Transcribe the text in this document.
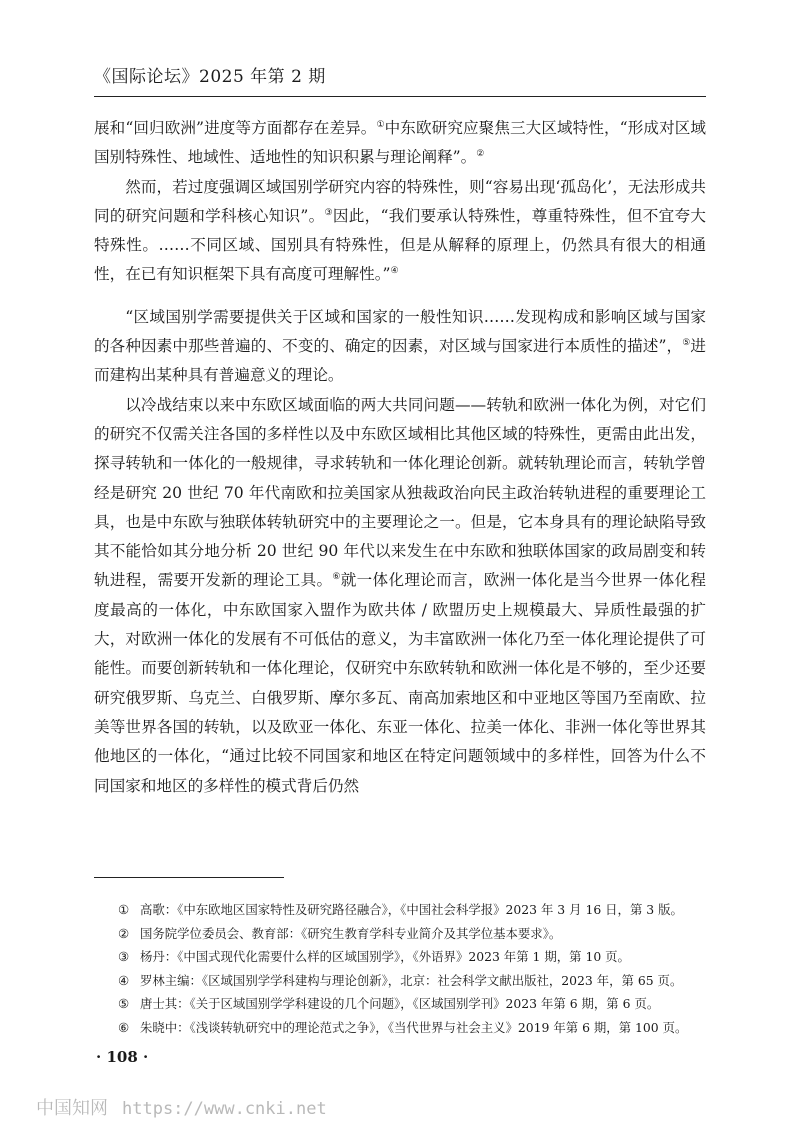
《国际论坛》2025 年第 2 期

展和“回归欧洲”进度等方面都存在差异。①中东欧研究应聚焦三大区域特性，“形成对区域国别特殊性、地域性、适地性的知识积累与理论阐释”。②

然而，若过度强调区域国别学研究内容的特殊性，则“容易出现‘孤岛化’，无法形成共同的研究问题和学科核心知识”。③因此，“我们要承认特殊性，尊重特殊性，但不宜夸大特殊性。……不同区域、国别具有特殊性，但是从解释的原理上，仍然具有很大的相通性，在已有知识框架下具有高度可理解性。”④

“区域国别学需要提供关于区域和国家的一般性知识……发现构成和影响区域与国家的各种因素中那些普遍的、不变的、确定的因素，对区域与国家进行本质性的描述”，⑤进而建构出某种具有普遍意义的理论。

以冷战结束以来中东欧区域面临的两大共同问题——转轨和欧洲一体化为例，对它们的研究不仅需关注各国的多样性以及中东欧区域相比其他区域的特殊性，更需由此出发，探寻转轨和一体化的一般规律，寻求转轨和一体化理论创新。就转轨理论而言，转轨学曾经是研究 20 世纪 70 年代南欧和拉美国家从独裁政治向民主政治转轨进程的重要理论工具，也是中东欧与独联体转轨研究中的主要理论之一。但是，它本身具有的理论缺陷导致其不能恰如其分地分析 20 世纪 90 年代以来发生在中东欧和独联体国家的政局剧变和转轨进程，需要开发新的理论工具。⑥就一体化理论而言，欧洲一体化是当今世界一体化程度最高的一体化，中东欧国家入盟作为欧共体 / 欧盟历史上规模最大、异质性最强的扩大，对欧洲一体化的发展有不可低估的意义，为丰富欧洲一体化乃至一体化理论提供了可能性。而要创新转轨和一体化理论，仅研究中东欧转轨和欧洲一体化是不够的，至少还要研究俄罗斯、乌克兰、白俄罗斯、摩尔多瓦、南高加索地区和中亚地区等国乃至南欧、拉美等世界各国的转轨，以及欧亚一体化、东亚一体化、拉美一体化、非洲一体化等世界其他地区的一体化，“通过比较不同国家和地区在特定问题领域中的多样性，回答为什么不同国家和地区的多样性的模式背后仍然

① 高歌：《中东欧地区国家特性及研究路径融合》，《中国社会科学报》2023 年 3 月 16 日，第 3 版。
② 国务院学位委员会、教育部：《研究生教育学科专业简介及其学位基本要求》。
③ 杨丹：《中国式现代化需要什么样的区域国别学》，《外语界》2023 年第 1 期，第 10 页。
④ 罗林主编：《区域国别学学科建构与理论创新》，北京：社会科学文献出版社，2023 年，第 65 页。
⑤ 唐士其：《关于区域国别学学科建设的几个问题》，《区域国别学刊》2023 年第 6 期，第 6 页。
⑥ 朱晓中：《浅谈转轨研究中的理论范式之争》，《当代世界与社会主义》2019 年第 6 期，第 100 页。
· 108 ·
中国知网 https://www.cnki.net
